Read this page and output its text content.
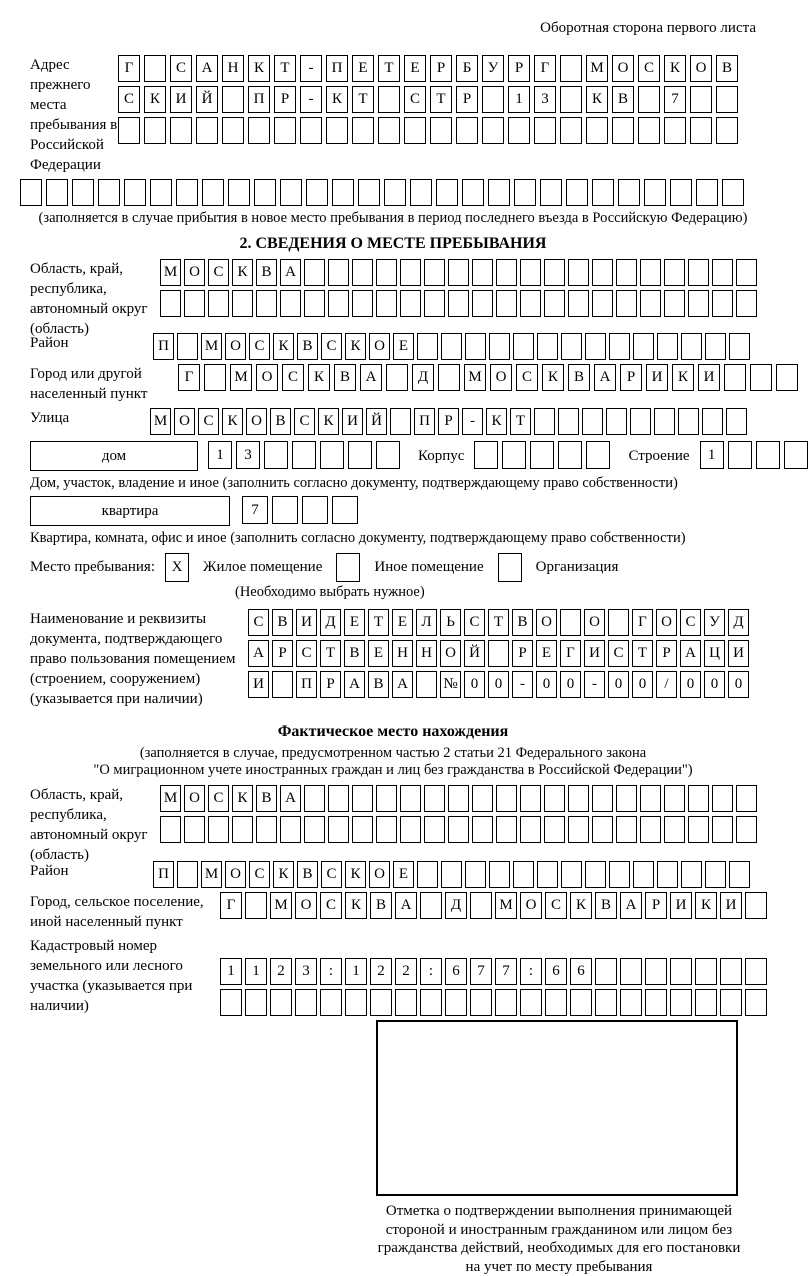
Оборотная сторона первого листа
Адрес прежнего места пребывания в Российской Федерации
Г	С	А	Н	К	Т	-	П	Е	Т	Е	Р	Б	У	Р	Г	М О	С	К	О	В
С	К	И	Й	П	Р	-	К	Т	С	Т	Р	1	3	К	В	7
(заполняется в случае прибытия в новое место пребывания в период последнего въезда в Российскую Федерацию)
2. СВЕДЕНИЯ О МЕСТЕ ПРЕБЫВАНИЯ
Область, край, республика, автономный округ (область)
М О С К В А
Район	П	М О С К В С К О Е
Город или другой населенный пункт
Г	М О	С	К	В	А	Д	М О	С	К	В	А	Р	И	К	И
Улица	М О С К О В С К И Й	П Р	-	К Т
дом	1	3	Корпус	Строение	1
Дом, участок, владение и иное (заполнить согласно документу, подтверждающему право собственности)
квартира	7
Квартира, комната, офис и иное (заполнить согласно документу, подтверждающему право собственности)
Место пребывания:	X	Жилое помещение	Иное помещение	Организация
(Необходимо выбрать нужное)
Наименование и реквизиты документа, подтверждающего право пользования помещением (строением, сооружением) (указывается при наличии)
С В И Д Е Т Е Л Ь С Т В О	О	Г О С У Д
А Р С Т В Е Н Н О Й	Р	Е	Г И С Т	Р А Ц И
И	П Р А В А	№ 0	0	-	0	0	-	0	0	/	0	0	0
Фактическое место нахождения
(заполняется в случае, предусмотренном частью 2 статьи 21 Федерального закона
"О миграционном учете иностранных граждан и лиц без гражданства в Российской Федерации")
Область, край, республика, автономный округ (область)
М О С К В А
Район	П	М О С К В С К О Е
Город, сельское поселение, иной населенный пункт
Г	М О С К В А	Д	М О С К В А	Р	И К И
Кадастровый номер земельного или лесного участка (указывается при наличии)
1	1	2	3	:	1	2	2	:	6	7	7	:	6	6
Отметка о подтверждении выполнения принимающей
стороной и иностранным гражданином или лицом без
гражданства действий, необходимых для его постановки
на учет по месту пребывания
